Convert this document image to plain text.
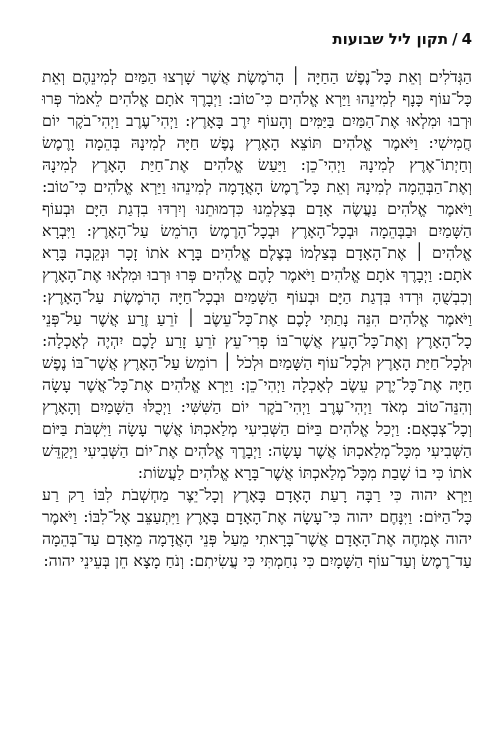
4/תקון ליל שבועות

הַגְּדֹלִים וְאֵת כָּל־נֶפֶשׁ הַחַיָּה ׀ הָרֹמֶשֶׂת אֲשֶׁר שָׁרְצוּ הַמַּיִם לְמִינֵהֶם וְאֵת כָּל־עוֹף כָּנָף לְמִינֵהוּ וַיַּרְא אֱלֹהִים כִּי־טוֹב: וַיְבָרֶךְ אֹתָם אֱלֹהִים לֵאמֹר פְּרוּ וּרְבוּ וּמִלְאוּ אֶת־הַמַּיִם בַּיַּמִּים וְהָעוֹף יִרֶב בָּאָרֶץ: וַיְהִי־עֶרֶב וַיְהִי־בֹקֶר יוֹם חֲמִישִׁי: וַיֹּאמֶר אֱלֹהִים תּוֹצֵא הָאָרֶץ נֶפֶשׁ חַיָּה לְמִינָהּ בְּהֵמָה וָרֶמֶשׂ וְחַיְתוֹ־אֶרֶץ לְמִינָהּ וַיְהִי־כֵן: וַיַּעַשׂ אֱלֹהִים אֶת־חַיַּת הָאָרֶץ לְמִינָהּ וְאֶת־הַבְּהֵמָה לְמִינָהּ וְאֵת כָּל־רֶמֶשׂ הָאֲדָמָה לְמִינֵהוּ וַיַּרְא אֱלֹהִים כִּי־טוֹב: וַיֹּאמֶר אֱלֹהִים נַעֲשֶׂה אָדָם בְּצַלְמֵנוּ כִּדְמוּתֵנוּ וְיִרְדּוּ בִדְגַת הַיָּם וּבְעוֹף הַשָּׁמַיִם וּבַבְּהֵמָה וּבְכָל־הָאָרֶץ וּבְכָל־הָרֶמֶשׂ הָרֹמֵשׂ עַל־הָאָרֶץ: וַיִּבְרָא אֱלֹהִים ׀ אֶת־הָאָדָם בְּצַלְמוֹ בְּצֶלֶם אֱלֹהִים בָּרָא אֹתוֹ זָכָר וּנְקֵבָה בָּרָא אֹתָם: וַיְבָרֶךְ אֹתָם אֱלֹהִים וַיֹּאמֶר לָהֶם אֱלֹהִים פְּרוּ וּרְבוּ וּמִלְאוּ אֶת־הָאָרֶץ וְכִבְשֻׁהָ וּרְדוּ בִּדְגַת הַיָּם וּבְעוֹף הַשָּׁמַיִם וּבְכָל־חַיָּה הָרֹמֶשֶׂת עַל־הָאָרֶץ: וַיֹּאמֶר אֱלֹהִים הִנֵּה נָתַתִּי לָכֶם אֶת־כָּל־עֵשֶׂב ׀ זֹרֵעַ זֶרַע אֲשֶׁר עַל־פְּנֵי כָל־הָאָרֶץ וְאֶת־כָּל־הָעֵץ אֲשֶׁר־בּוֹ פְרִי־עֵץ זֹרֵעַ זָרַע לָכֶם יִהְיֶה לְאָכְלָה: וּלְכָל־חַיַּת הָאָרֶץ וּלְכָל־עוֹף הַשָּׁמַיִם וּלְכֹל ׀ רוֹמֵשׂ עַל־הָאָרֶץ אֲשֶׁר־בּוֹ נֶפֶשׁ חַיָּה אֶת־כָּל־יֶרֶק עֵשֶׂב לְאָכְלָה וַיְהִי־כֵן: וַיַּרְא אֱלֹהִים אֶת־כָּל־אֲשֶׁר עָשָׂה וְהִנֵּה־טוֹב מְאֹד וַיְהִי־עֶרֶב וַיְהִי־בֹקֶר יוֹם הַשִּׁשִּׁי: וַיְכֻלּוּ הַשָּׁמַיִם וְהָאָרֶץ וְכָל־צְבָאָם: וַיְכַל אֱלֹהִים בַּיּוֹם הַשְּׁבִיעִי מְלַאכְתּוֹ אֲשֶׁר עָשָׂה וַיִּשְׁבֹּת בַּיּוֹם הַשְּׁבִיעִי מִכָּל־מְלַאכְתּוֹ אֲשֶׁר עָשָׂה: וַיְבָרֶךְ אֱלֹהִים אֶת־יוֹם הַשְּׁבִיעִי וַיְקַדֵּשׁ אֹתוֹ כִּי בוֹ שָׁבַת מִכָּל־מְלַאכְתּוֹ אֲשֶׁר־בָּרָא אֱלֹהִים לַעֲשׂוֹת:

וַיַּרְא יהוה כִּי רַבָּה רָעַת הָאָדָם בָּאָרֶץ וְכָל־יֵצֶר מַחְשְׁבֹת לִבּוֹ רַק רַע כָּל־הַיּוֹם: וַיִּנָּחֶם יהוה כִּי־עָשָׂה אֶת־הָאָדָם בָּאָרֶץ וַיִּתְעַצֵּב אֶל־לִבּוֹ: וַיֹּאמֶר יהוה אֶמְחֶה אֶת־הָאָדָם אֲשֶׁר־בָּרָאתִי מֵעַל פְּנֵי הָאֲדָמָה מֵאָדָם עַד־בְּהֵמָה עַד־רֶמֶשׂ וְעַד־עוֹף הַשָּׁמָיִם כִּי נִחַמְתִּי כִּי עֲשִׂיתִם: וְנֹחַ מָצָא חֵן בְּעֵינֵי יהוה:
